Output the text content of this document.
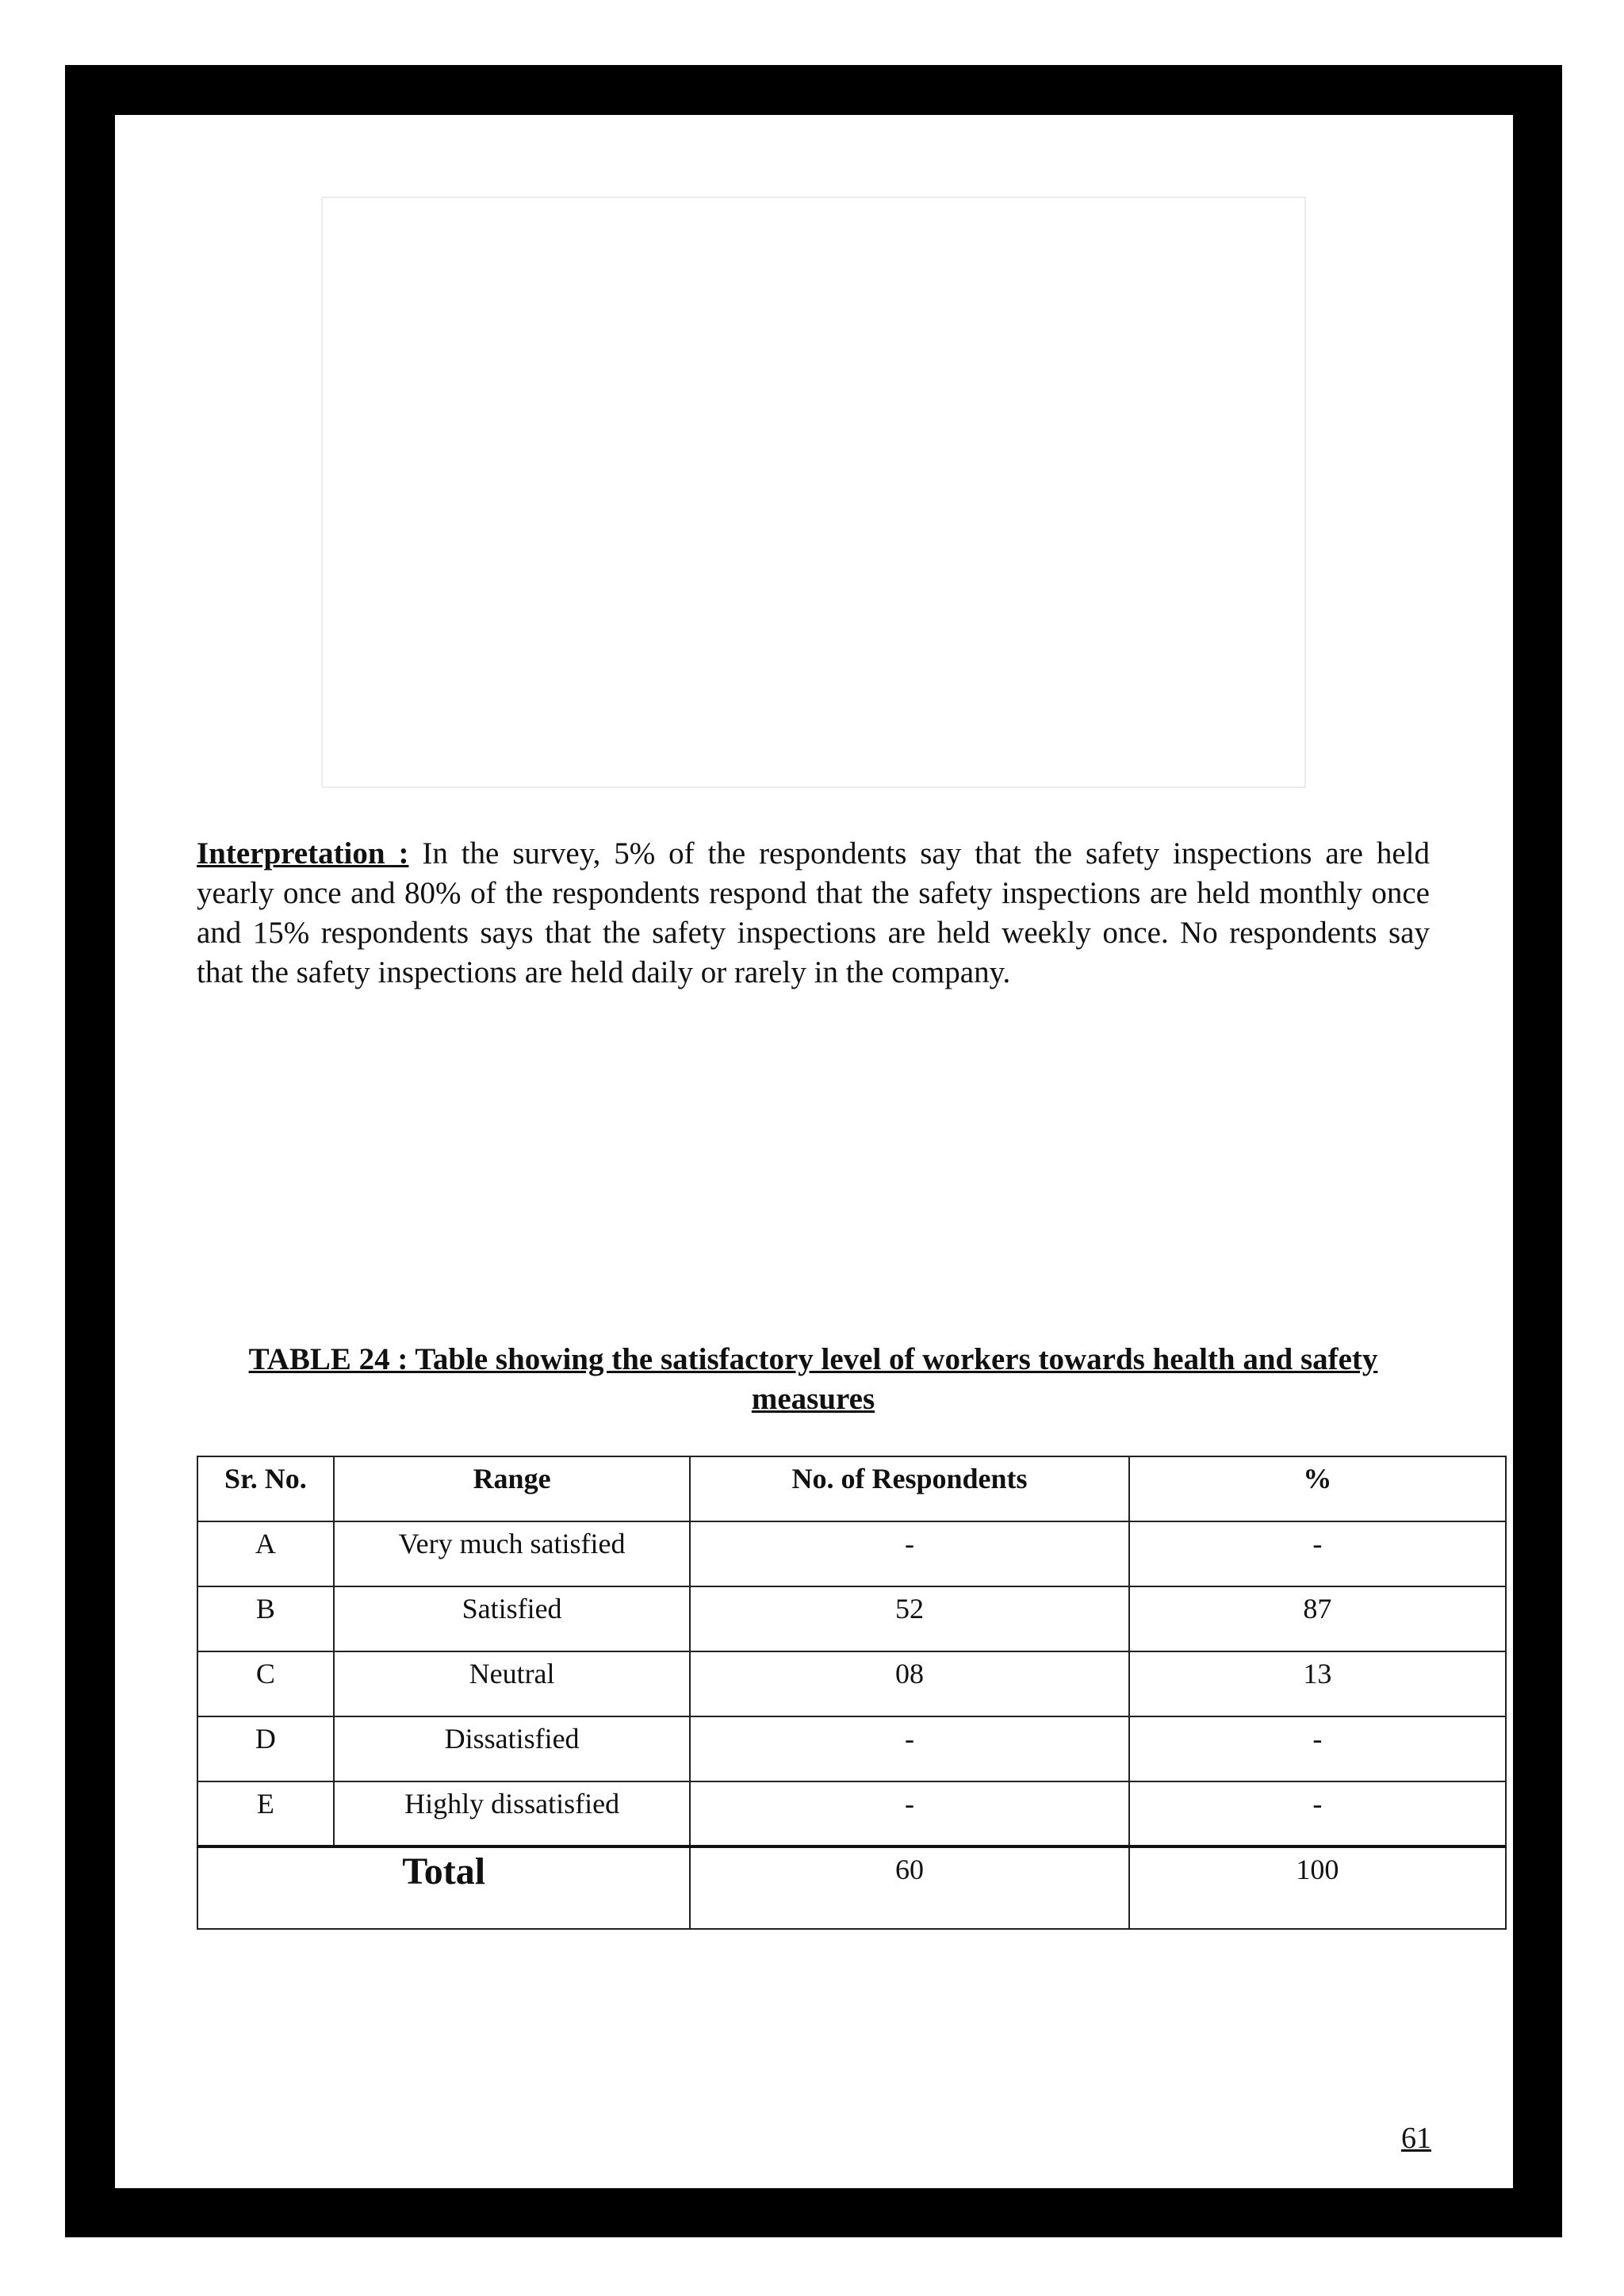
Interpretation : In the survey, 5% of the respondents say that the safety inspections are held yearly once and 80% of the respondents respond that the safety inspections are held monthly once and 15% respondents says that the safety inspections are held weekly once. No respondents say that the safety inspections are held daily or rarely in the company.

TABLE 24 : Table showing the satisfactory level of workers towards health and safety
measures
Sr. No.	Range	No. of Respondents	%
A	Very much satisfied	-	-
B	Satisfied	52	87
C	Neutral	08	13
D	Dissatisfied	-	-
E	Highly dissatisfied	-	-
Total		60	100
61
